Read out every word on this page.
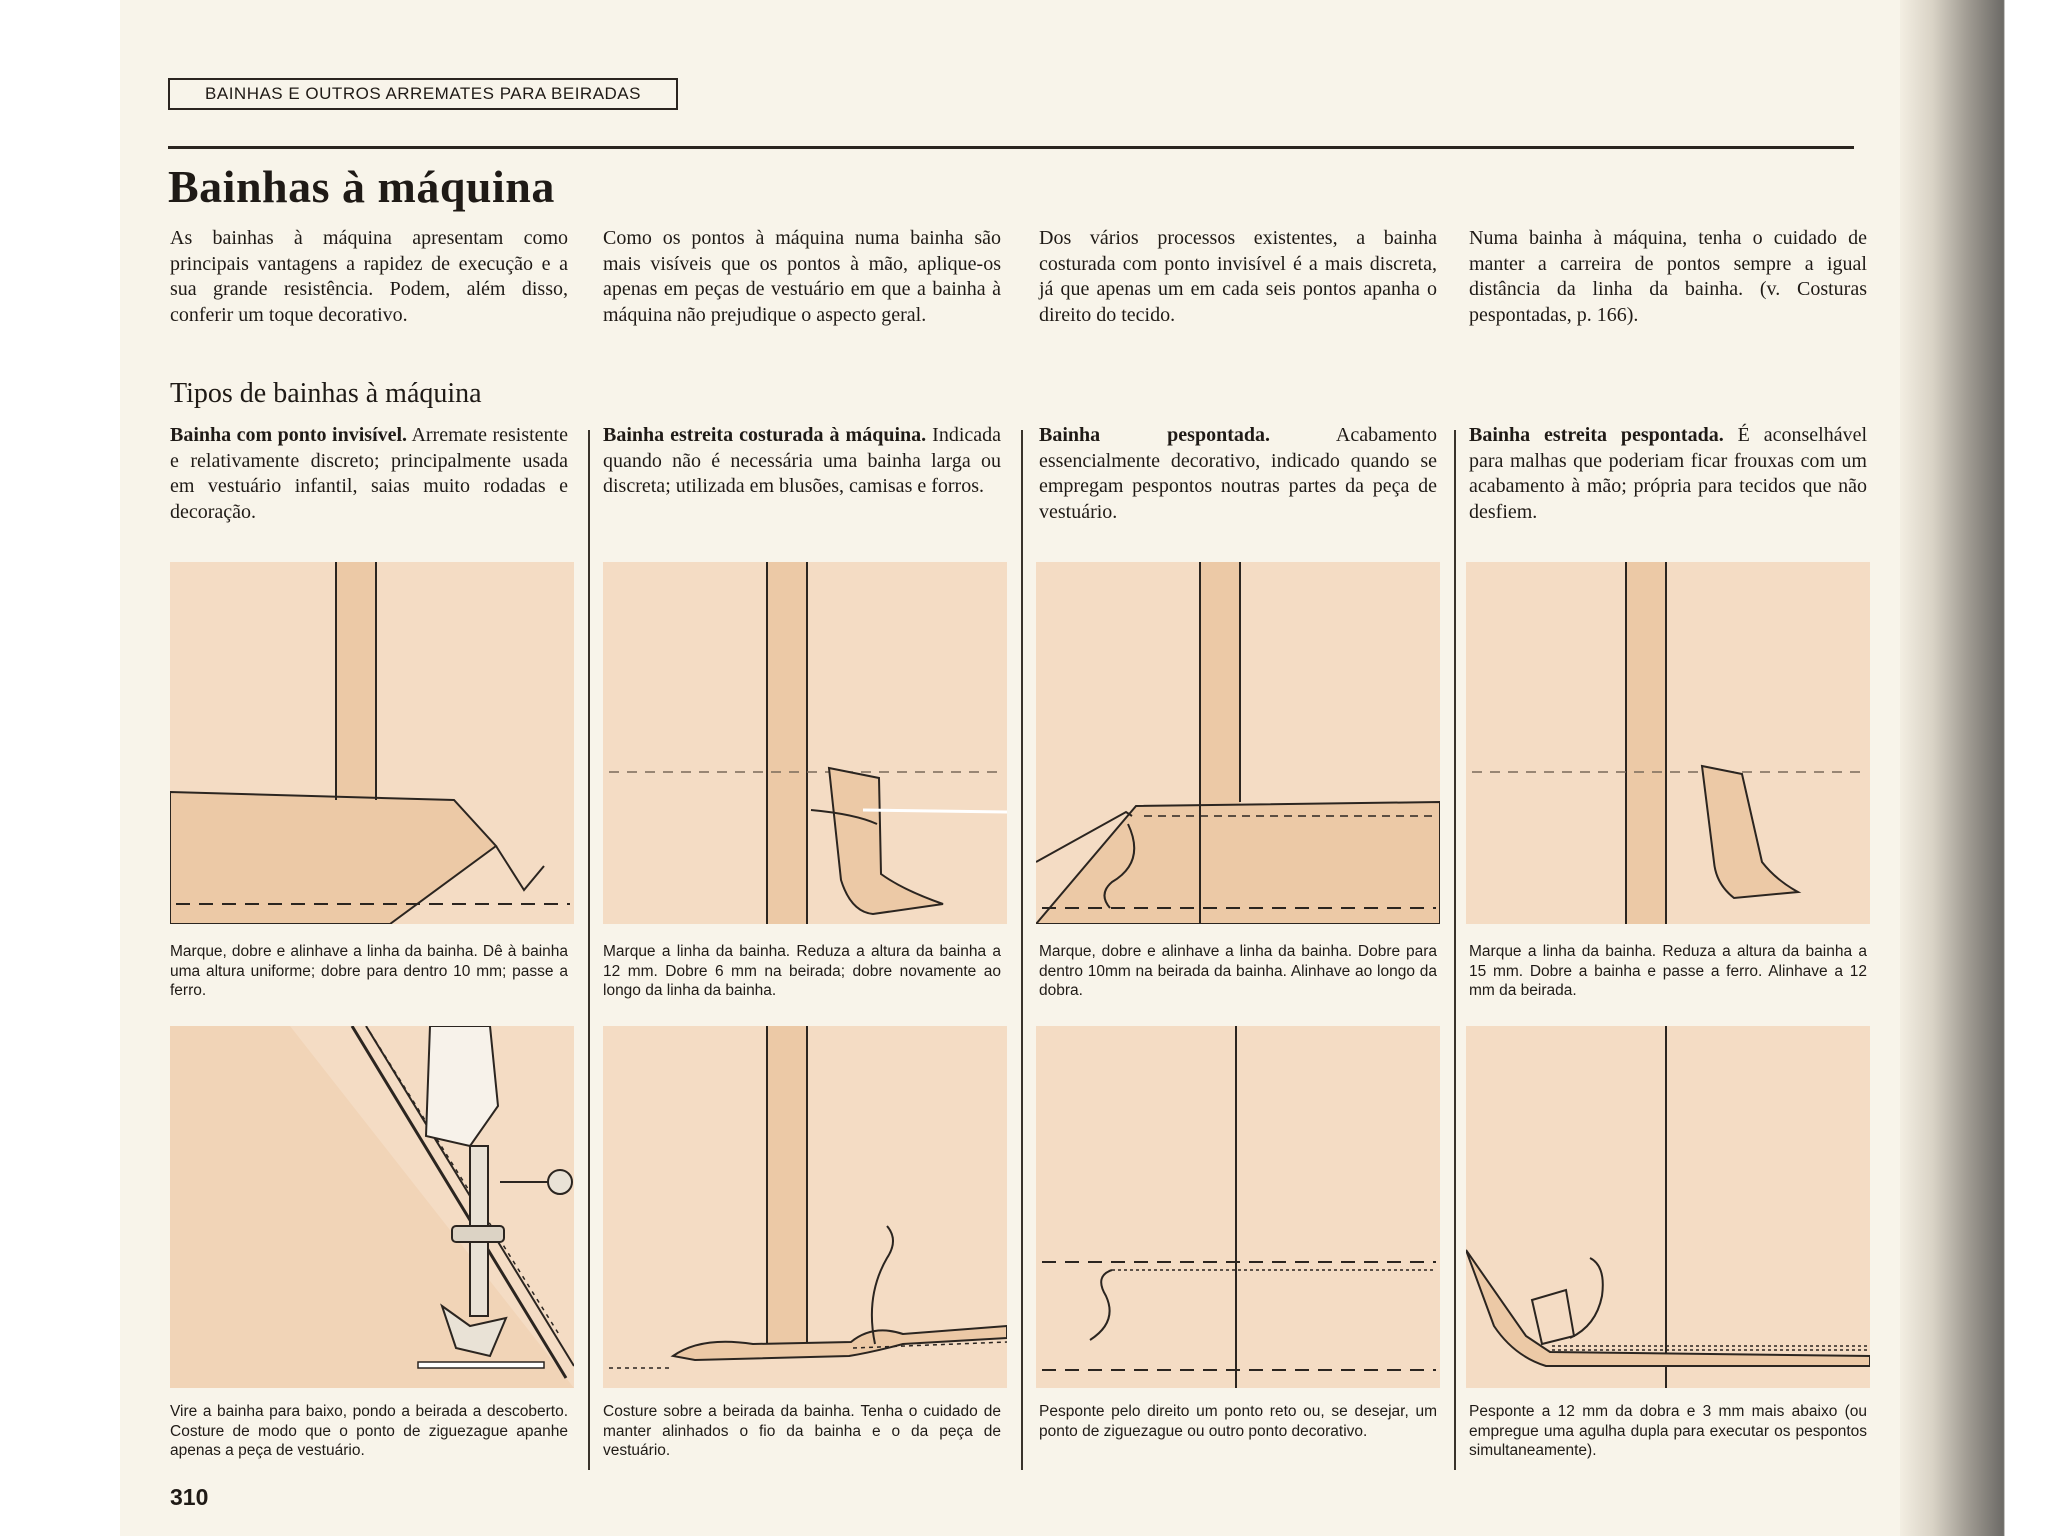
BAINHAS E OUTROS ARREMATES PARA BEIRADAS
Bainhas à máquina

As bainhas à máquina apresentam como principais vantagens a rapidez de execução e a sua grande resistência. Podem, além disso, conferir um toque decorativo.

Como os pontos à máquina numa bainha são mais visíveis que os pontos à mão, aplique-os apenas em peças de vestuário em que a bainha à máquina não prejudique o aspecto geral.

Dos vários processos existentes, a bainha costurada com ponto invisível é a mais discreta, já que apenas um em cada seis pontos apanha o direito do tecido.

Numa bainha à máquina, tenha o cuidado de manter a carreira de pontos sempre a igual distância da linha da bainha. (v. Costuras pespontadas, p. 166).

Tipos de bainhas à máquina

Bainha com ponto invisível. Arremate resistente e relativamente discreto; principalmente usada em vestuário infantil, saias muito rodadas e decoração.

Marque, dobre e alinhave a linha da bainha. Dê à bainha uma altura uniforme; dobre para dentro 10 mm; passe a ferro.

Vire a bainha para baixo, pondo a beirada a descoberto. Costure de modo que o ponto de ziguezague apanhe apenas a peça de vestuário.

Bainha estreita costurada à máquina. Indicada quando não é necessária uma bainha larga ou discreta; utilizada em blusões, camisas e forros.

Marque a linha da bainha. Reduza a altura da bainha a 12 mm. Dobre 6 mm na beirada; dobre novamente ao longo da linha da bainha.

Costure sobre a beirada da bainha. Tenha o cuidado de manter alinhados o fio da bainha e o da peça de vestuário.

Bainha pespontada.	Acabamento essencialmente decorativo, indicado quando se empregam pespontos noutras partes da peça de vestuário.

Marque, dobre e alinhave a linha da bainha. Dobre para dentro 10mm na beirada da bainha. Alinhave ao longo da dobra.

Pesponte pelo direito um ponto reto ou, se desejar, um ponto de ziguezague ou outro ponto decorativo.

Bainha estreita pespontada. É aconselhável para malhas que poderiam ficar frouxas com um acabamento à mão; própria para tecidos que não desfiem.

Marque a linha da bainha. Reduza a altura da bainha a 15 mm. Dobre a bainha e passe a ferro. Alinhave a 12 mm da beirada.

Pesponte a 12 mm da dobra e 3 mm mais abaixo (ou empregue uma agulha dupla para executar os pespontos simultaneamente).

310
